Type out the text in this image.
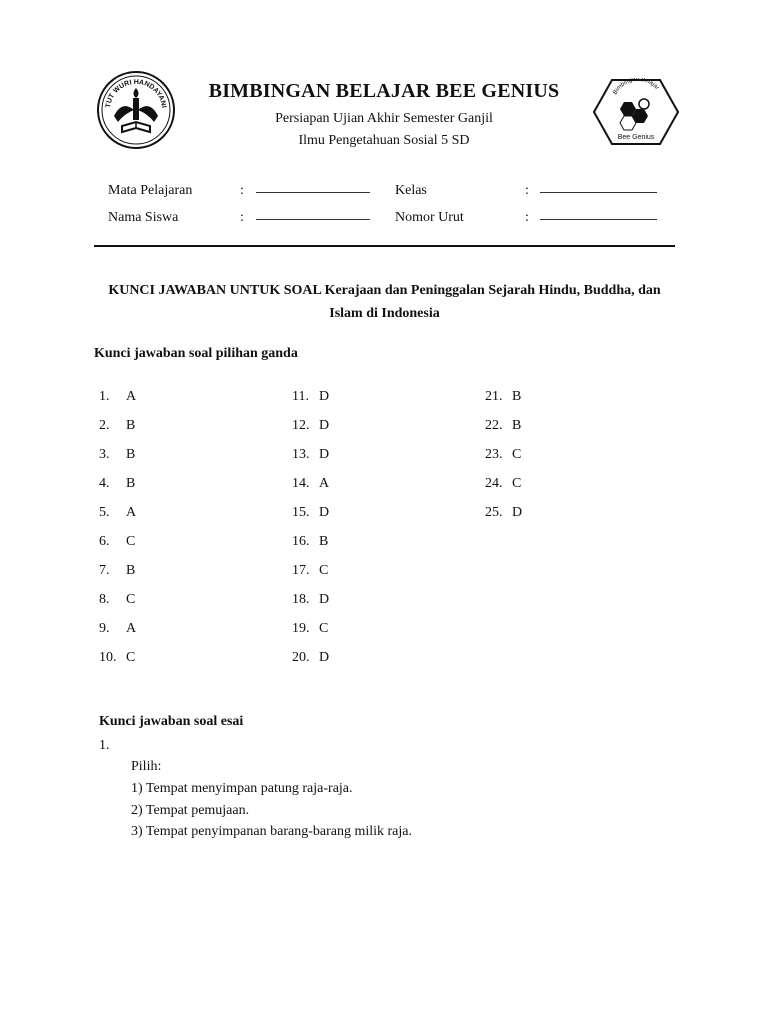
TUT WURI HANDAYANI
Bimbingan Belajar
Bee Genius
BIMBINGAN BELAJAR BEE GENIUS
Persiapan Ujian Akhir Semester Ganjil
Ilmu Pengetahuan Sosial 5 SD
Mata Pelajaran	:	Kelas	:
Nama Siswa	:	Nomor Urut	:
KUNCI JAWABAN UNTUK SOAL Kerajaan dan Peninggalan Sejarah Hindu, Buddha, dan Islam di Indonesia
Kunci jawaban soal pilihan ganda
1. A
2. B
3. B
4. B
5. A
6. C
7. B
8. C
9. A
10. C
11. D
12. D
13. D
14. A
15. D
16. B
17. C
18. D
19. C
20. D
21. B
22. B
23. C
24. C
25. D
Kunci jawaban soal esai
1.
Pilih:
1) Tempat menyimpan patung raja-raja.
2) Tempat pemujaan.
3) Tempat penyimpanan barang-barang milik raja.
